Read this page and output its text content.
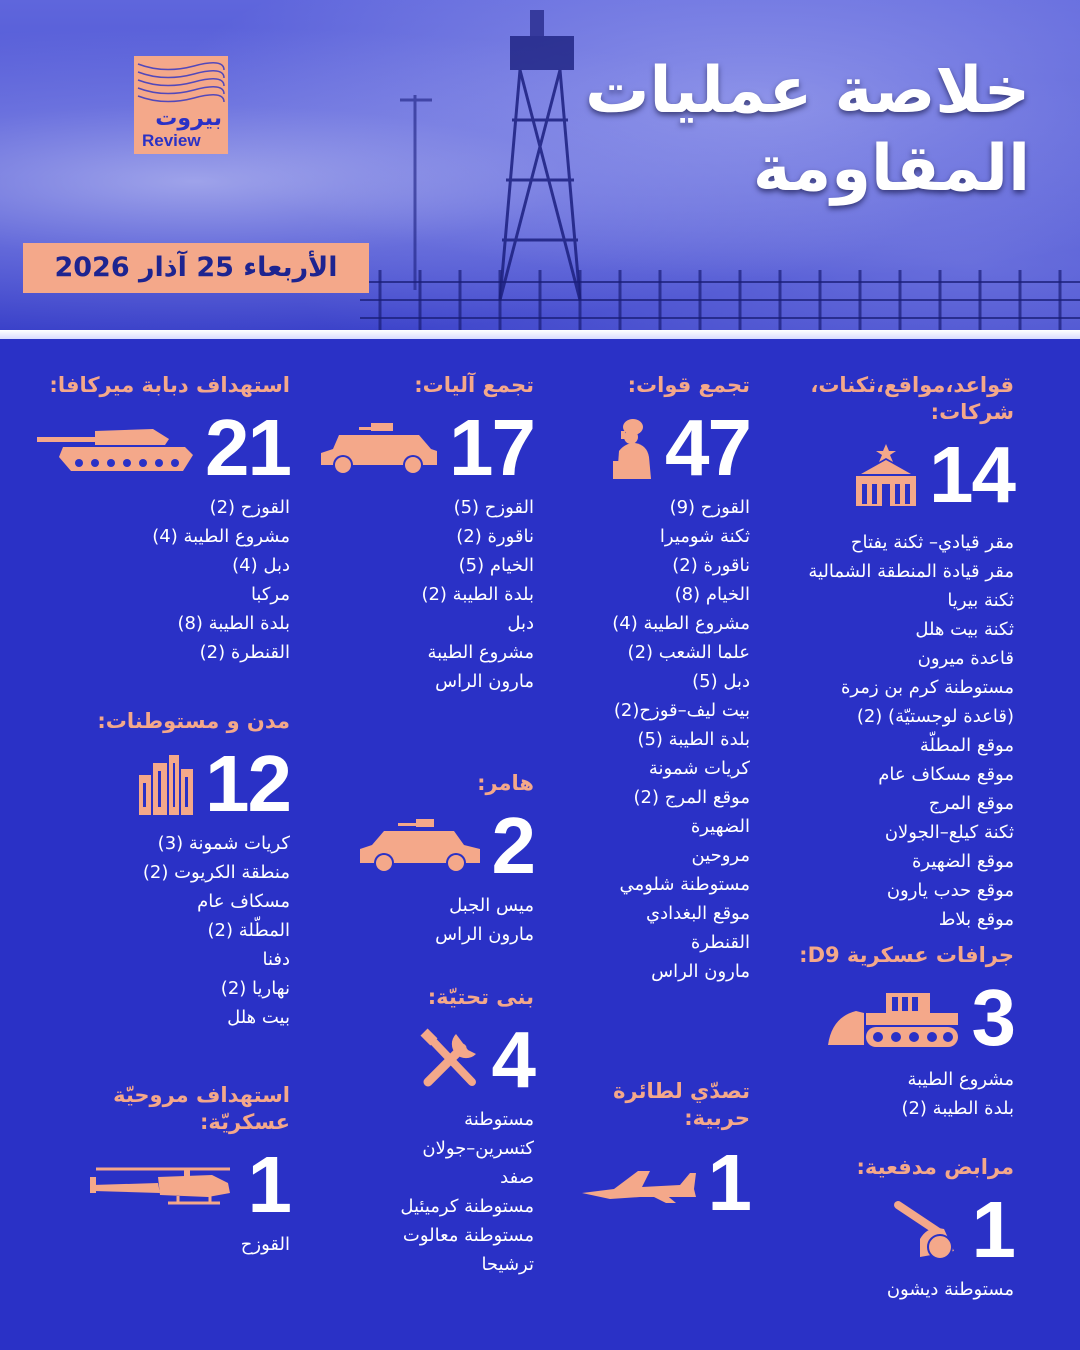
بيروت
Review
خلاصة عمليات
المقاومة
الأربعاء 25 آذار 2026
قواعد،مواقع،ثكنات، شركات:
14
مقر قيادي– ثكنة يفتاح
مقر قيادة المنطقة الشمالية
ثكنة بيريا
ثكنة بيت هلل
قاعدة ميرون
مستوطنة كرم بن زمرة
(قاعدة لوجستيّة) (2)
موقع المطلّة
موقع مسكاف عام
موقع المرج
ثكنة كيلع–الجولان
موقع الضهيرة
موقع حدب يارون
موقع بلاط
جرافات عسكرية D9:
3
مشروع الطيبة
بلدة الطيبة (2)
مرابض مدفعية:
1
مستوطنة ديشون
تجمع قوات:
47
القوزح (9)
ثكنة شوميرا
ناقورة (2)
الخيام (8)
مشروع الطيبة (4)
علما الشعب (2)
دبل (5)
بيت ليف–قوزح(2)
بلدة الطيبة (5)
كريات شمونة
موقع المرج (2)
الضهيرة
مروحين
مستوطنة شلومي
موقع البغدادي
القنطرة
مارون الراس
تصدّي لطائرة حربية:
1
تجمع آليات:
17
القوزح (5)
ناقورة (2)
الخيام (5)
بلدة الطيبة (2)
دبل
مشروع الطيبة
مارون الراس
هامر:
2
ميس الجبل
مارون الراس
بنى تحتيّة:
4
مستوطنة
كتسرين–جولان
صفد
مستوطنة كرميئيل
مستوطنة معالوت
ترشيحا
استهداف دبابة ميركافا:
21
القوزح (2)
مشروع الطيبة (4)
دبل (4)
مركبا
بلدة الطيبة (8)
القنطرة (2)
مدن و مستوطنات:
12
كريات شمونة (3)
منطقة الكريوت (2)
مسكاف عام
المطّلة (2)
دفنا
نهاريا (2)
بيت هلل
استهداف مروحيّة عسكريّة:
1
القوزح
